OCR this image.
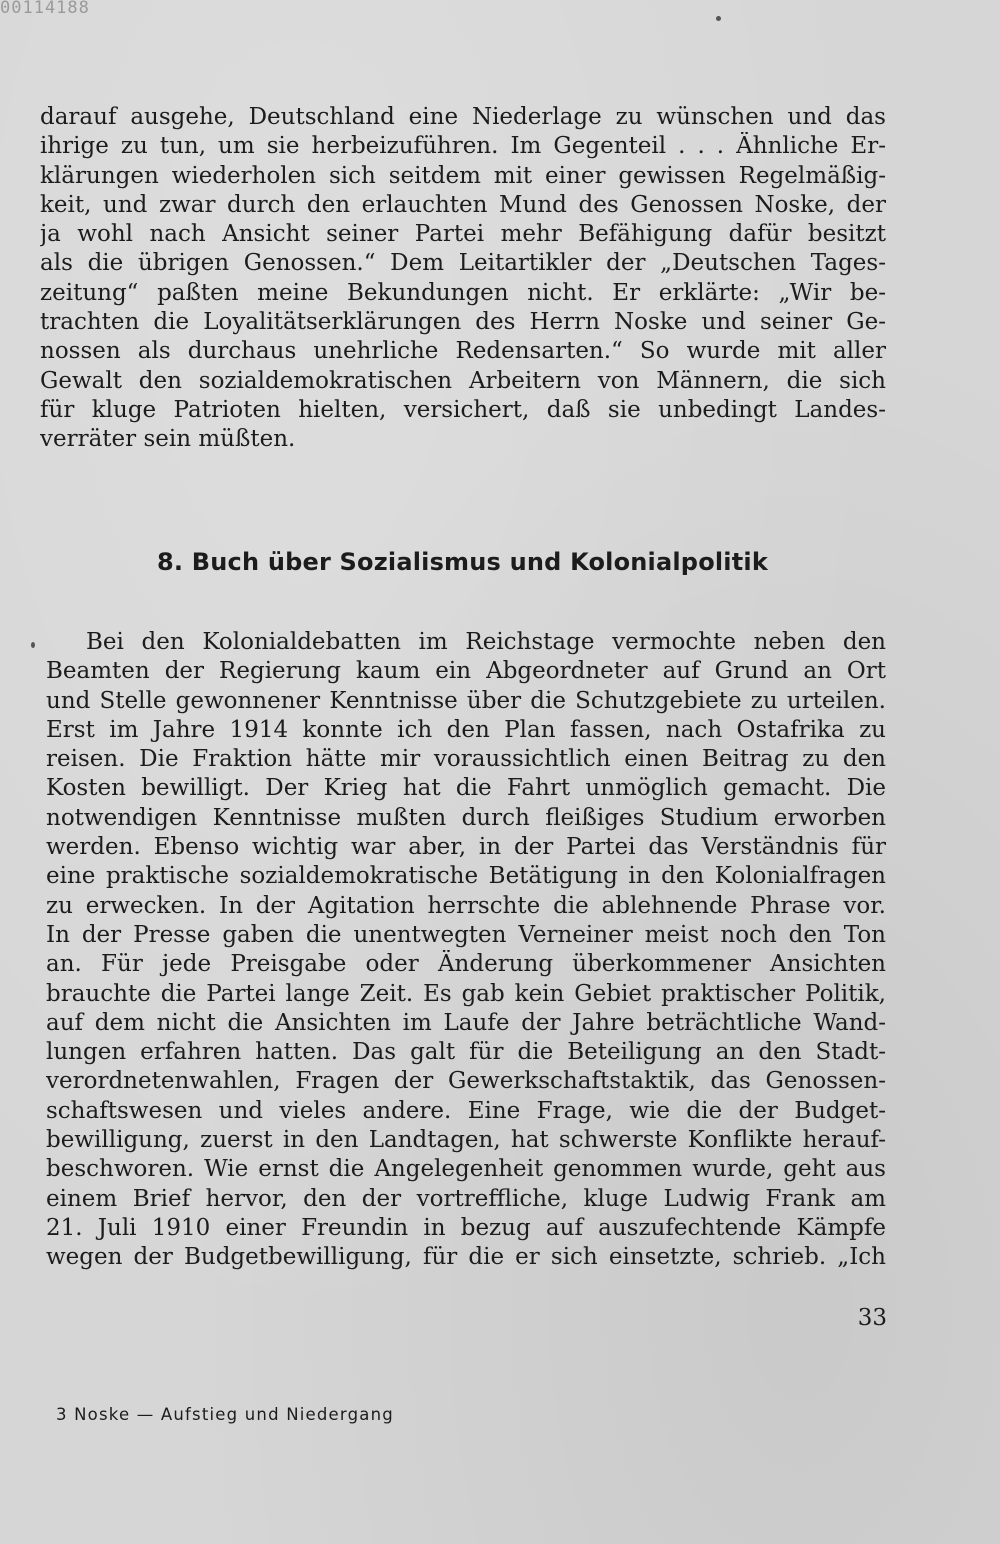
00114188
darauf ausgehe, Deutschland eine Niederlage zu wünschen und das
ihrige zu tun, um sie herbeizuführen. Im Gegenteil . . . Ähnliche Er-
klärungen wiederholen sich seitdem mit einer gewissen Regelmäßig-
keit, und zwar durch den erlauchten Mund des Genossen Noske, der
ja wohl nach Ansicht seiner Partei mehr Befähigung dafür besitzt
als die übrigen Genossen.“ Dem Leitartikler der „Deutschen Tages-
zeitung“ paßten meine Bekundungen nicht. Er erklärte: „Wir be-
trachten die Loyalitätserklärungen des Herrn Noske und seiner Ge-
nossen als durchaus unehrliche Redensarten.“ So wurde mit aller
Gewalt den sozialdemokratischen Arbeitern von Männern, die sich
für kluge Patrioten hielten, versichert, daß sie unbedingt Landes-
verräter sein müßten.
8. Buch über Sozialismus und Kolonialpolitik
Bei den Kolonialdebatten im Reichstage vermochte neben den
Beamten der Regierung kaum ein Abgeordneter auf Grund an Ort
und Stelle gewonnener Kenntnisse über die Schutzgebiete zu urteilen.
Erst im Jahre 1914 konnte ich den Plan fassen, nach Ostafrika zu
reisen. Die Fraktion hätte mir voraussichtlich einen Beitrag zu den
Kosten bewilligt. Der Krieg hat die Fahrt unmöglich gemacht. Die
notwendigen Kenntnisse mußten durch fleißiges Studium erworben
werden. Ebenso wichtig war aber, in der Partei das Verständnis für
eine praktische sozialdemokratische Betätigung in den Kolonialfragen
zu erwecken. In der Agitation herrschte die ablehnende Phrase vor.
In der Presse gaben die unentwegten Verneiner meist noch den Ton
an. Für jede Preisgabe oder Änderung überkommener Ansichten
brauchte die Partei lange Zeit. Es gab kein Gebiet praktischer Politik,
auf dem nicht die Ansichten im Laufe der Jahre beträchtliche Wand-
lungen erfahren hatten. Das galt für die Beteiligung an den Stadt-
verordnetenwahlen, Fragen der Gewerkschaftstaktik, das Genossen-
schaftswesen und vieles andere. Eine Frage, wie die der Budget-
bewilligung, zuerst in den Landtagen, hat schwerste Konflikte herauf-
beschworen. Wie ernst die Angelegenheit genommen wurde, geht aus
einem Brief hervor, den der vortreffliche, kluge Ludwig Frank am
21. Juli 1910 einer Freundin in bezug auf auszufechtende Kämpfe
wegen der Budgetbewilligung, für die er sich einsetzte, schrieb. „Ich
33
3 Noske — Aufstieg und Niedergang
